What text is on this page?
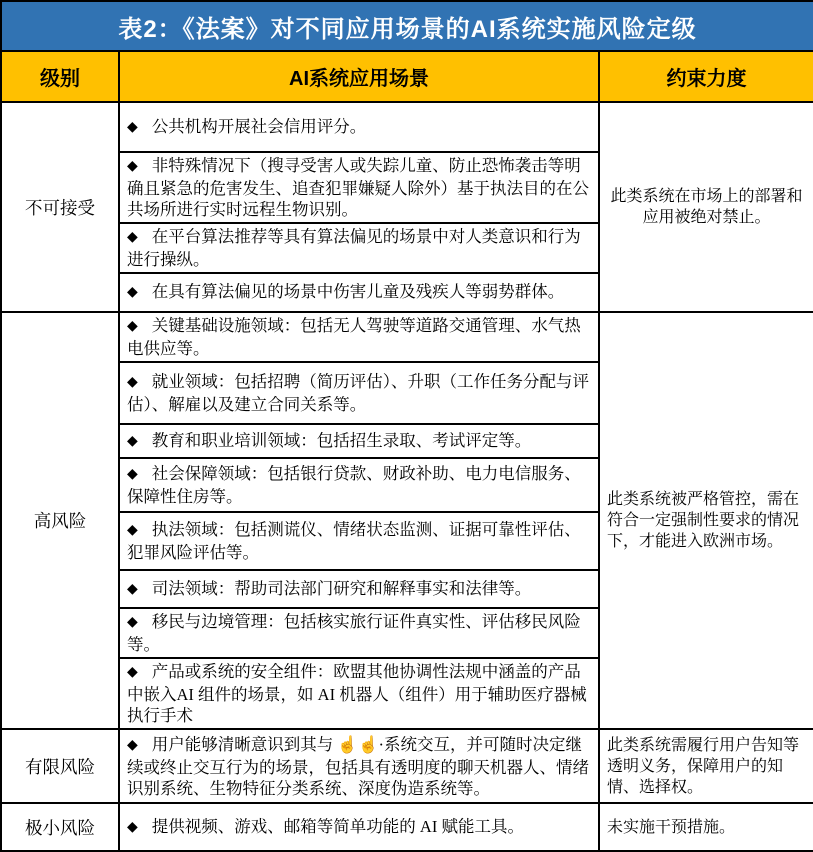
表2：《法案》对不同应用场景的AI系统实施风险定级		
级别	AI系统应用场景	约束力度
不可接受	◆ 公共机构开展社会信用评分。	此类系统在市场上的部署和应用被绝对禁止。
	◆ 非特殊情况下（搜寻受害人或失踪儿童、防止恐怖袭击等明确且紧急的危害发生、追查犯罪嫌疑人除外）基于执法目的在公共场所进行实时远程生物识别。	
	◆ 在平台算法推荐等具有算法偏见的场景中对人类意识和行为进行操纵。	
	◆ 在具有算法偏见的场景中伤害儿童及残疾人等弱势群体。	
高风险	◆ 关键基础设施领域：包括无人驾驶等道路交通管理、水气热电供应等。	此类系统被严格管控，需在符合一定强制性要求的情况下，才能进入欧洲市场。
	◆ 就业领域：包括招聘（简历评估）、升职（工作任务分配与评估）、解雇以及建立合同关系等。	
	◆ 教育和职业培训领域：包括招生录取、考试评定等。	
	◆ 社会保障领域：包括银行贷款、财政补助、电力电信服务、保障性住房等。	
	◆ 执法领域：包括测谎仪、情绪状态监测、证据可靠性评估、犯罪风险评估等。	
	◆ 司法领域：帮助司法部门研究和解释事实和法律等。	
	◆ 移民与边境管理：包括核实旅行证件真实性、评估移民风险等。	
	◆ 产品或系统的安全组件：欧盟其他协调性法规中涵盖的产品中嵌入AI 组件的场景，如 AI 机器人（组件）用于辅助医疗器械执行手术	
有限风险	◆ 用户能够清晰意识到其与 ☝☝·系统交互，并可随时决定继续或终止交互行为的场景，包括具有透明度的聊天机器人、情绪识别系统、生物特征分类系统、深度伪造系统等。	此类系统需履行用户告知等透明义务，保障用户的知情、选择权。
极小风险	◆ 提供视频、游戏、邮箱等简单功能的 AI 赋能工具。	未实施干预措施。
